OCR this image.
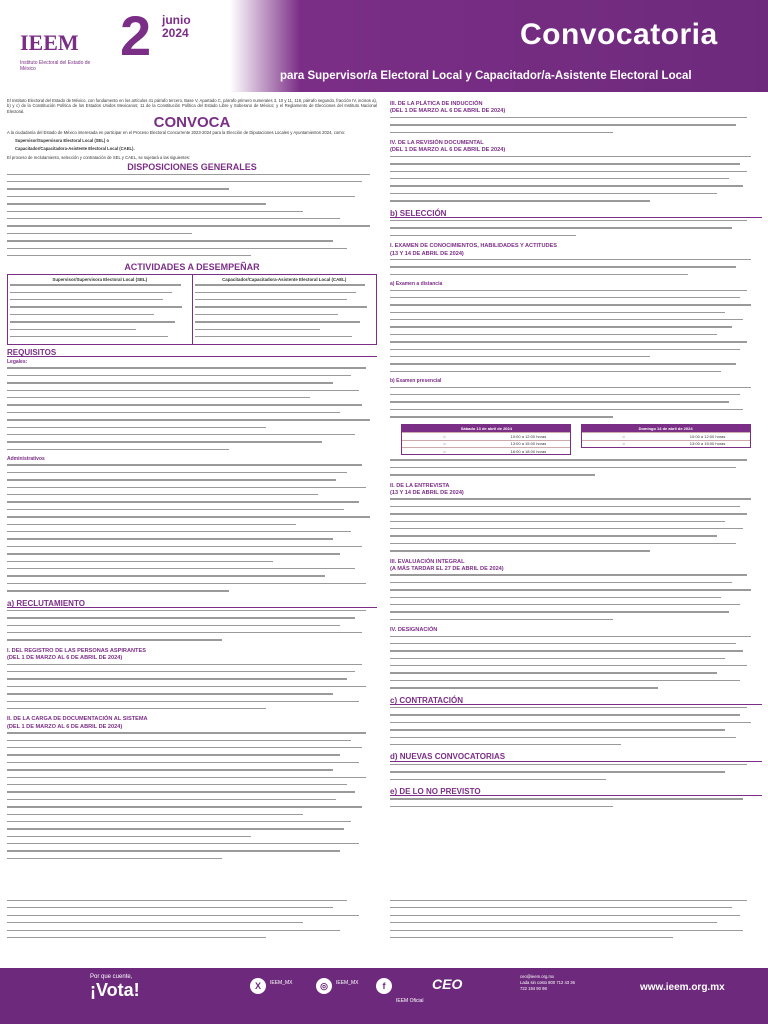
IEEM
Instituto Electoral del Estado de México
2 junio 2024	Convocatoria
para Supervisor/a Electoral Local y Capacitador/a-Asistente Electoral Local

El Instituto Electoral del Estado de México, con fundamento en los artículos 41 párrafo tercero, Base V, Apartado C, párrafo primero numerales 3, 10 y 11, 116, párrafo segundo, fracción IV, incisos a), b) y c) de la Constitución Política de los Estados Unidos Mexicanos; 11 de la Constitución Política del Estado Libre y Soberano de México; y el Reglamento de Elecciones del Instituto Nacional Electoral.

CONVOCA

A la ciudadanía del Estado de México interesada en participar en el Proceso Electoral Concurrente 2023-2024 para la Elección de Diputaciones Locales y Ayuntamientos 2024, como:

Supervisor/Supervisora Electoral Local (SEL) o

Capacitador/Capacitadora-Asistente Electoral Local (CAEL).

El proceso de reclutamiento, selección y contratación de SEL y CAEL, se sujetará a las siguientes:

DISPOSICIONES GENERALES
ACTIVIDADES A DESEMPEÑAR
Supervisor/Supervisora Electoral Local (SEL)	Capacitador/Capacitadora-Asistente Electoral Local (CAEL)
REQUISITOS
Legales:
Administrativos
a) RECLUTAMIENTO
I. DEL REGISTRO DE LAS PERSONAS ASPIRANTES
(DEL 1 DE MARZO AL 6 DE ABRIL DE 2024)
II. DE LA CARGA DE DOCUMENTACIÓN AL SISTEMA
(DEL 1 DE MARZO AL 6 DE ABRIL DE 2024)
III. DE LA PLÁTICA DE INDUCCIÓN
(DEL 1 DE MARZO AL 6 DE ABRIL DE 2024)
IV. DE LA REVISIÓN DOCUMENTAL
(DEL 1 DE MARZO AL 6 DE ABRIL DE 2024)
b) SELECCIÓN
I. EXAMEN DE CONOCIMIENTOS, HABILIDADES Y ACTITUDES
(13 Y 14 DE ABRIL DE 2024)
a) Examen a distancia
b) Examen presencial
Sábado 13 de abril de 2024
○	10:00 a 12:00 horas
○	13:00 a 15:00 horas
○	16:00 a 18:00 horas

Domingo 14 de abril de 2024
○	10:00 a 12:00 horas
○	13:00 a 15:00 horas
II. DE LA ENTREVISTA
(13 Y 14 DE ABRIL DE 2024)
III. EVALUACIÓN INTEGRAL
(A MÁS TARDAR EL 27 DE ABRIL DE 2024)
IV. DESIGNACIÓN
c) CONTRATACIÓN
d) NUEVAS CONVOCATORIAS
e) DE LO NO PREVISTO
Por que cuente,
¡Vota!	X	IEEM_MX	◎	IEEM_MX	f
IEEM Oficial
CEO	ceo@ieem.org.mx
Lada sin costo 800 712 43 36
722 194 90 98	www.ieem.org.mx
